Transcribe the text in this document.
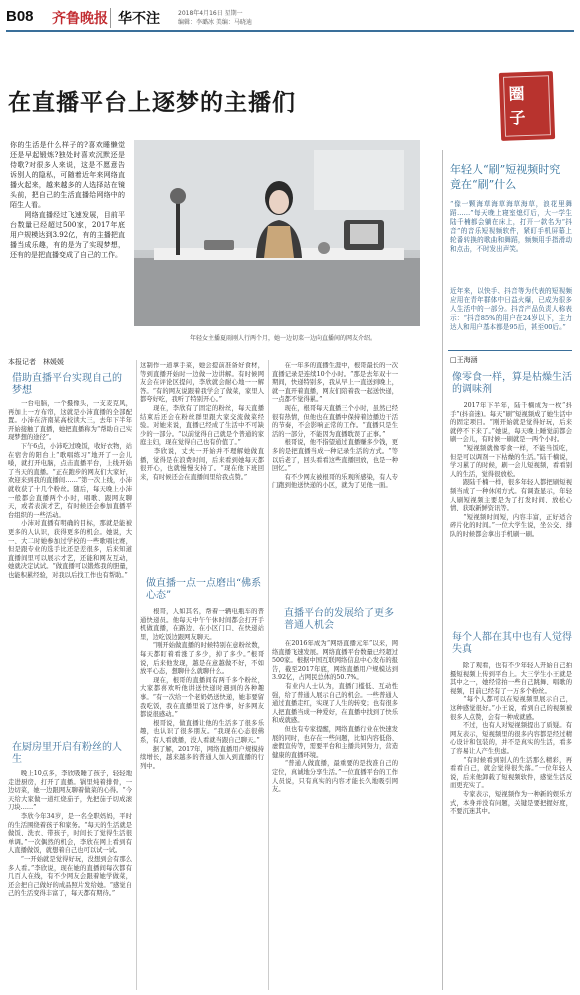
B08 齐鲁晚报 华不注	2018年4月16日 星期一
编辑：李璐冰 美编：马晓迪
在直播平台上逐梦的主播们	圈子
你的生活是什么样子的?喜欢睡懒觉还是早起锻炼?独处时喜欢沉默还是侍歌?对很多人来说，这是不愿意告诉别人的隐私，可随着近年来网络直播火起来，越来越多的人选择站在镜头前，把自己的生活直播给网络中的陌生人看。
　　网络直播经过飞速发展，目前平台数量已经超过500家，2017年底用户规模达到3.92亿，有的主播把直播当成乐趣，有的是为了实现梦想，还有的是把直播变成了自己的工作。
年轻女主播夏雨刚人行两个月，她一边切菜一边向直播间的网友介绍。
年轻人“刷”短视频时究竟在“刷”什么
“像一颗海草海草海草海草，浪花里舞蹈……”每天晚上寝室熄灯后，大一学生陆千楠都会躺在床上，打开一款名为“抖音”的音乐短视频软件，紧盯手机屏幕上轮番转换的歌曲和舞蹈，频频用手指滑动和点击，不时发出声笑。
近年来，以快手、抖音等为代表的短视频应用在青年群体中日益火爆，已成为很多人生活中的一部分。抖音产品负责人称表示：“抖音85%的用户在24岁以下，主力达人和用户基本都是95后，甚至00后。”
□王海涵
像零食一样，算是枯燥生活的调味剂
　　2017年下半年，陆千楠成为一枚“抖手”(抖音迷)。每天“刷”短视频成了她生活中的固定项目。“刚开始就是觉得好玩，后来就停不下来了。”她说，每天晚上睡觉前都会刷一会儿，有时候一刷就是一两个小时。
　　“短视频就像零食一样，不能当饭吃，但是可以调剂一下枯燥的生活。”陆千楠说，学习累了的时候，刷一会儿短视频，看看别人的生活，觉得很放松。
　　跟陆千楠一样，很多年轻人都把刷短视频当成了一种休闲方式。有调查显示，年轻人刷短视频主要是为了打发时间、放松心情、获取新鲜资讯等。
　　“短视频时间短，内容丰富，正好适合碎片化的时间。”一位大学生说，坐公交、排队的时候都会拿出手机刷一刷。
每个人都在其中也有人觉得失真
　　除了观看，也有不少年轻人开始自己拍摄短视频上传到平台上。大三学生小王就是其中之一，她经常拍一些自己跳舞、唱歌的视频，目前已经有了一万多个粉丝。
　　“每个人都可以在短视频里展示自己，这种感觉很好。”小王说，看到自己的视频被很多人点赞，会有一种成就感。
　　不过，也有人对短视频提出了质疑。有网友表示，短视频里的很多内容都是经过精心设计和包装的，并不是真实的生活，看多了容易让人产生焦虑。
　　“有时候看到别人的生活那么精彩，再看看自己，就会觉得很失落。”一位年轻人说，后来他卸载了短视频软件，感觉生活反而更充实了。
　　专家表示，短视频作为一种新的娱乐方式，本身并没有问题，关键是要把握好度，不要沉迷其中。
本报记者　林媛媛
借助直播平台实现自己的梦想
　　一台电脑，一个摄像头，一支麦克风，再加上一方布帘，这就是小沛直播的全部配置。小沛在济南某高校读大三，去年下半年开始接触了直播，她把直播称为“帮助自己实现梦想的途径”。
　　下午6点，小沛吃过晚饭，收好衣物，站在宿舍的阳台上“歌唱练习”地开了一会儿嗓，就打开电脑，点击直播平台，上线开始了当天的直播。“正在跑步的网友们大家好，欢迎来到我的直播间……”第一次上线，小沛就收获了十几个粉丝。随后，每天晚上小沛一般都会直播两个小时，唱歌、跟网友聊天，或者表演才艺，有时候还会参加直播平台组织的一些活动。
　　小沛对直播有明确的目标，那就是能被更多的人认识，获得更多的机会。她说，大一、大二时她参加过学校的一些歌唱比赛，但是跟专业的选手比还是差很多，后来知道直播间里可以展示才艺，还能和网友互动，她就决定试试。“做直播可以锻炼我的胆量，也能积累经验，对我以后找工作也有帮助。”
在厨房里开启有粉丝的人生
　　晚上10点多，李欣吸睡了孩子，轻轻地走进厨房，打开了直播。锅里炖着排骨，一边切菜，她一边跟网友聊着做菜的心得。“今天给大家做一道红烧茄子，先把茄子切成滚刀块……”
　　李欣今年34岁，是一名全职妈妈，平时的生活围绕着孩子和家务。“每天的生活就是做饭、洗衣、带孩子，时间长了觉得生活很单调。”一次偶然的机会，李欣在网上看到有人直播做饭，就想着自己也可以试一试。
　　“一开始就是觉得好玩，没想到会有那么多人看。”李欣说，现在她的直播间每次都有几百人在线，有不少网友会跟着她学做菜，还会把自己做好的成品照片发给她。“感觉自己的生活变得丰富了，每天都有期待。”
这制作一道拿手菜，她会提前准备好食材，等到直播开始时一边做一边讲解。有时候网友会在评论区提问，李欣就会耐心地一一解答。“有的网友说跟着我学会了做菜，家里人都夸好吃，我听了特别开心。”
　　现在，李欣有了固定的粉丝，每天直播结束后还会在粉丝群里跟大家交流做菜经验。对她来说，直播已经成了生活中不可缺少的一部分。“以前觉得自己就是个普通的家庭主妇，现在觉得自己也有价值了。”
　　李欣说，丈夫一开始并不理解她做直播，觉得是在浪费时间，后来看到她每天都很开心，也就慢慢支持了。“现在他下班回来，有时候还会在直播间里给我点赞。”
做直播一点一点磨出“佛系心态”
　　根哥，人如其名，帮着一辆电瓶车的普通快递员。他每天中午午休时间都会打开手机做直播，在路边、在小区门口、在快递站里，边吃饭边跟网友聊天。
　　“刚开始做直播的时候特别在意粉丝数，每天都盯着看涨了多少，掉了多少。”根哥说，后来他发现，越是在意越做不好，不如放平心态，想聊什么就聊什么。
　　现在，根哥的直播间有两千多个粉丝，大家都喜欢听他讲送快递时遇到的各种趣事。“有一次给一个老奶奶送快递，她非要留我吃饭，我在直播里说了这件事，好多网友都说很感动。”
　　根哥说，做直播让他的生活多了很多乐趣，也认识了很多朋友。“我现在心态很佛系，有人看就播，没人看就当跟自己聊天。”
　　据了解，2017年，网络直播用户规模持续增长，越来越多的普通人加入到直播的行列中。
　　在一年多的直播生涯中，根哥最长的一次直播记录是连续10个小时。“那是去年双十一期间，快递特别多，我从早上一直送到晚上，就一直开着直播，网友们陪着我一起送快递，一点都不觉得累。”
　　现在，根哥每天直播三个小时，虽然已经很有热情，但他也在直播中保持着边播边干活的节奏，不会影响正常的工作。“直播只是生活的一部分，不能因为直播耽误了正事。”
　　根哥说，他不指望通过直播赚多少钱，更多的是把直播当成一种记录生活的方式。“等以后老了，回头看看这些直播回放，也是一种回忆。”
　　有不少网友被根哥的乐观所感染，有人专门跑到他送快递的小区，就为了见他一面。
直播平台的发展给了更多普通人机会
　　在2016年成为“网络直播元年”以来，网络直播飞速发展。网络直播平台数量已经超过500家。根据中国互联网络信息中心发布的报告，截至2017年底，网络直播用户规模达到3.92亿，占网民总体的50.7%。
　　有业内人士认为，直播门槛低、互动性强，给了普通人展示自己的机会。一些普通人通过直播走红，实现了人生的转变；也有很多人把直播当成一种爱好，在直播中找到了快乐和成就感。
　　但也有专家提醒，网络直播行业在快速发展的同时，也存在一些问题，比如内容低俗、虚假宣传等，需要平台和主播共同努力，营造健康的直播环境。
　　“普通人做直播，最重要的是找准自己的定位，真诚地分享生活。”一位直播平台的工作人员说，只有真实的内容才能长久地吸引网友。
